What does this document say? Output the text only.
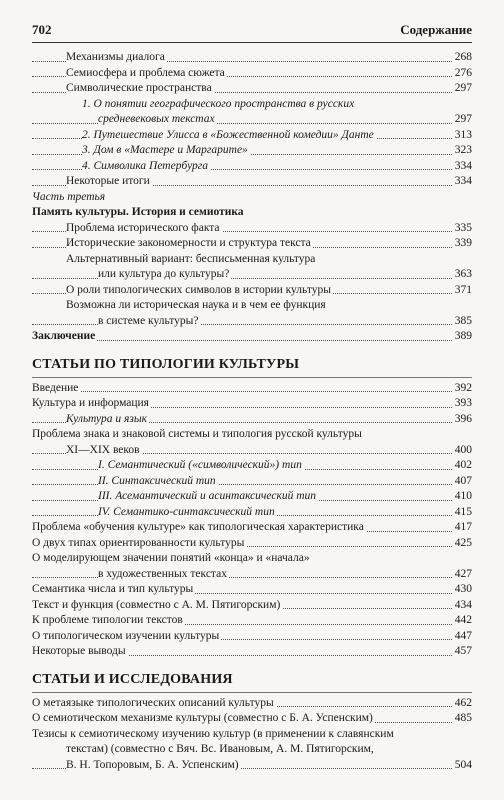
702	Содержание
Механизмы диалога	268
Семиосфера и проблема сюжета	276
Символические пространства	297
1. О понятии географического пространства в русских
средневековых текстах	297
2. Путешествие Улисса в «Божественной комедии» Данте	313
3. Дом в «Мастере и Маргарите»	323
4. Символика Петербурга	334
Некоторые итоги	334
Часть третья
Память культуры. История и семиотика
Проблема исторического факта	335
Исторические закономерности и структура текста	339
Альтернативный вариант: бесписьменная культура
или культура до культуры?	363
О роли типологических символов в истории культуры	371
Возможна ли историческая наука и в чем ее функция
в системе культуры?	385
Заключение	389
СТАТЬИ ПО ТИПОЛОГИИ КУЛЬТУРЫ
Введение	392
Культура и информация	393
Культура и язык	396
Проблема знака и знаковой системы и типология русской культуры
XI—XIX веков	400
I. Семантический («символический») тип	402
II. Синтаксический тип	407
III. Асемантический и асинтаксический тип	410
IV. Семантико-синтаксический тип	415
Проблема «обучения культуре» как типологическая характеристика	417
О двух типах ориентированности культуры	425
О моделирующем значении понятий «конца» и «начала»
в художественных текстах	427
Семантика числа и тип культуры	430
Текст и функция (совместно с А. М. Пятигорским)	434
К проблеме типологии текстов	442
О типологическом изучении культуры	447
Некоторые выводы	457
СТАТЬИ И ИССЛЕДОВАНИЯ
О метаязыке типологических описаний культуры	462
О семиотическом механизме культуры (совместно с Б. А. Успенским)	485
Тезисы к семиотическому изучению культур (в применении к славянским
текстам) (совместно с Вяч. Вс. Ивановым, А. М. Пятигорским,
В. Н. Топоровым, Б. А. Успенским)	504
